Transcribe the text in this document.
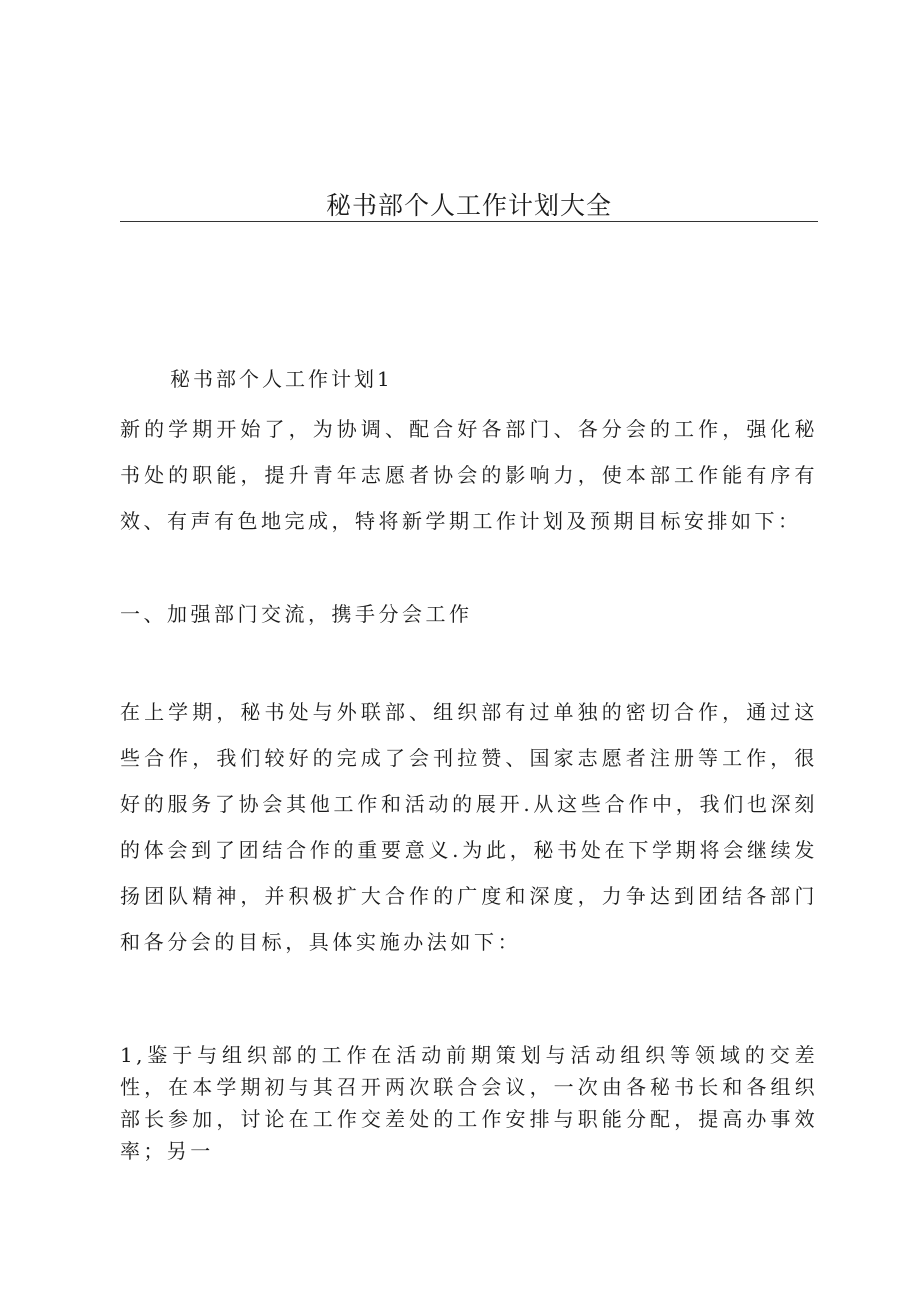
秘书部个人工作计划大全

秘书部个人工作计划1

新的学期开始了，为协调、配合好各部门、各分会的工作，强化秘书处的职能，提升青年志愿者协会的影响力，使本部工作能有序有效、有声有色地完成，特将新学期工作计划及预期目标安排如下：

一、加强部门交流，携手分会工作

在上学期，秘书处与外联部、组织部有过单独的密切合作，通过这些合作，我们较好的完成了会刊拉赞、国家志愿者注册等工作，很好的服务了协会其他工作和活动的展开.从这些合作中，我们也深刻的体会到了团结合作的重要意义.为此，秘书处在下学期将会继续发扬团队精神，并积极扩大合作的广度和深度，力争达到团结各部门和各分会的目标，具体实施办法如下：

1,鉴于与组织部的工作在活动前期策划与活动组织等领域的交差性，在本学期初与其召开两次联合会议，一次由各秘书长和各组织部长参加，讨论在工作交差处的工作安排与职能分配，提高办事效率；另一
